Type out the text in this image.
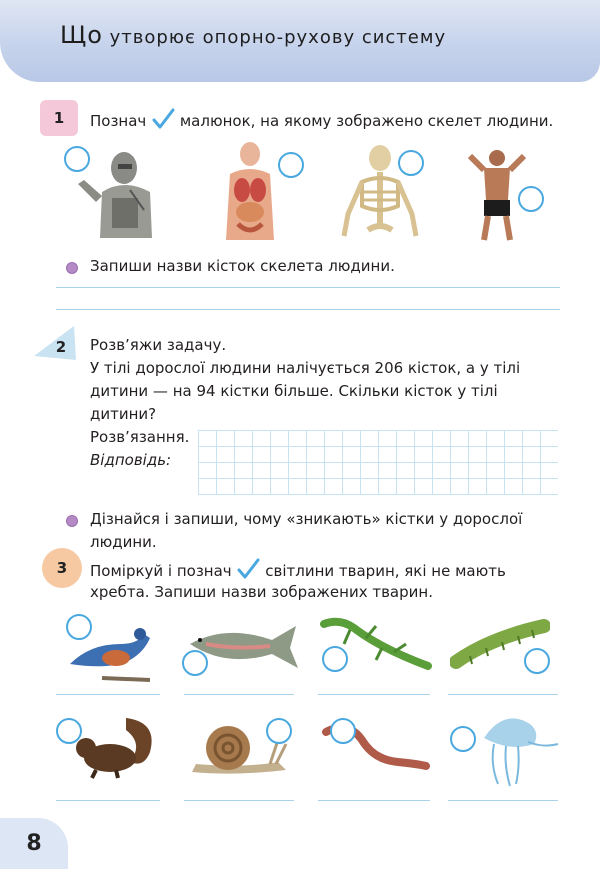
Що утворює опорно-рухову систему
1 Познач малюнок, на якому зображено скелет людини.
Запиши назви кісток скелета людини.
2 Розв’яжи задачу.
У тілі дорослої людини налічується 206 кісток, а у тілі
дитини — на 94 кістки більше. Скільки кісток у тілі
дитини?
Розв’язання.
Відповідь:
Дізнайся і запиши, чому «зникають» кістки у дорослої
людини.
3 Поміркуй і познач світлини тварин, які не мають
хребта. Запиши назви зображених тварин.
8
